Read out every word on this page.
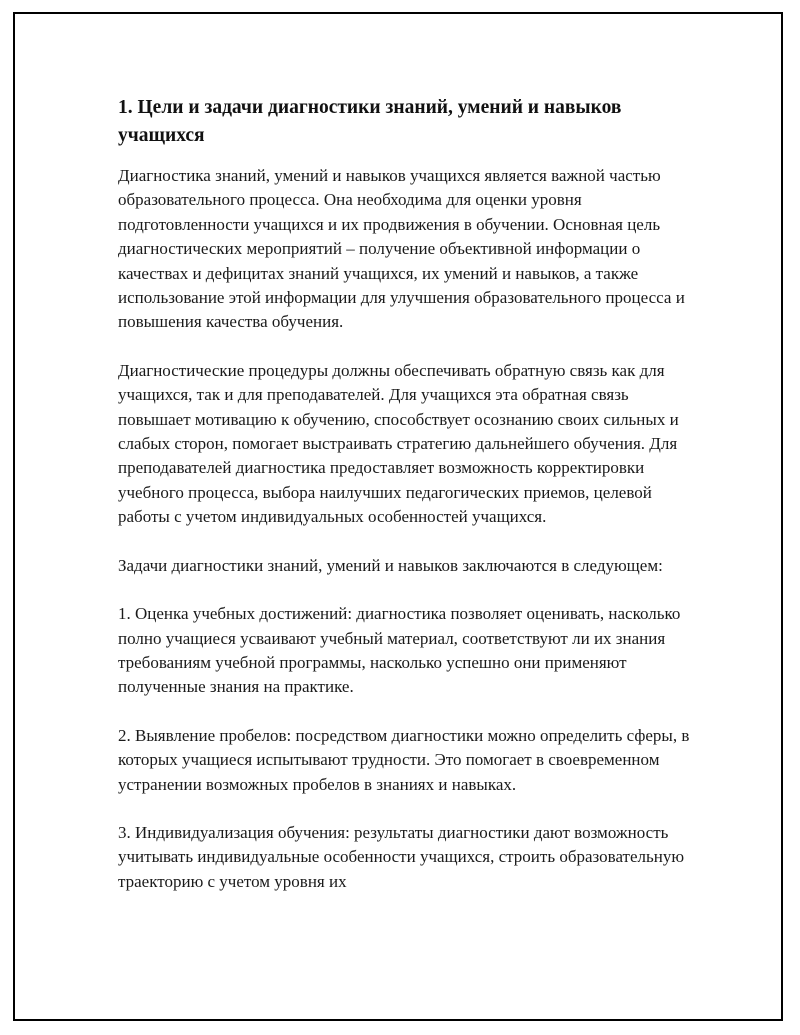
1. Цели и задачи диагностики знаний, умений и навыков учащихся

Диагностика знаний, умений и навыков учащихся является важной частью образовательного процесса. Она необходима для оценки уровня подготовленности учащихся и их продвижения в обучении. Основная цель диагностических мероприятий – получение объективной информации о качествах и дефицитах знаний учащихся, их умений и навыков, а также использование этой информации для улучшения образовательного процесса и повышения качества обучения.

Диагностические процедуры должны обеспечивать обратную связь как для учащихся, так и для преподавателей. Для учащихся эта обратная связь повышает мотивацию к обучению, способствует осознанию своих сильных и слабых сторон, помогает выстраивать стратегию дальнейшего обучения. Для преподавателей диагностика предоставляет возможность корректировки учебного процесса, выбора наилучших педагогических приемов, целевой работы с учетом индивидуальных особенностей учащихся.

Задачи диагностики знаний, умений и навыков заключаются в следующем:

1. Оценка учебных достижений: диагностика позволяет оценивать, насколько полно учащиеся усваивают учебный материал, соответствуют ли их знания требованиям учебной программы, насколько успешно они применяют полученные знания на практике.

2. Выявление пробелов: посредством диагностики можно определить сферы, в которых учащиеся испытывают трудности. Это помогает в своевременном устранении возможных пробелов в знаниях и навыках.

3. Индивидуализация обучения: результаты диагностики дают возможность учитывать индивидуальные особенности учащихся, строить образовательную траекторию с учетом уровня их
